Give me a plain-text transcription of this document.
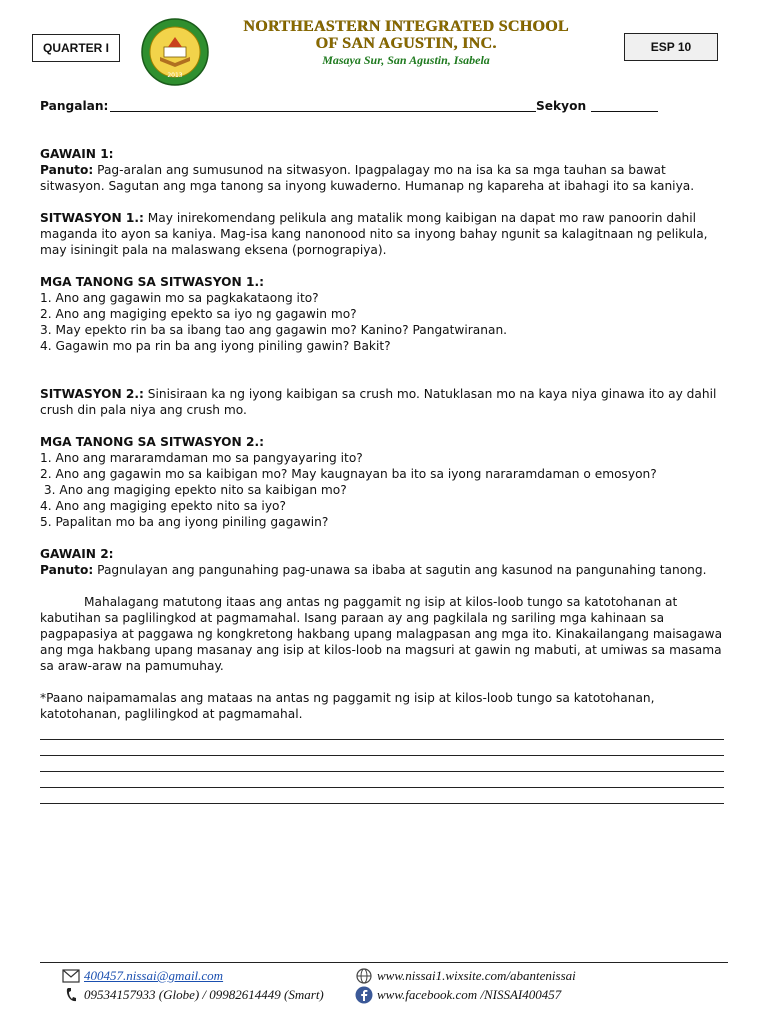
QUARTER I
2013
NORTHEASTERN INTEGRATED SCHOOL
OF SAN AGUSTIN, INC.
Masaya Sur, San Agustin, Isabela
ESP 10
Pangalan:	Sekyon

GAWAIN 1:

Panuto: Pag-aralan ang sumusunod na sitwasyon. Ipagpalagay mo na isa ka sa mga tauhan sa bawat sitwasyon. Sagutan ang mga tanong sa inyong kuwaderno. Humanap ng kapareha at ibahagi ito sa kaniya.

SITWASYON 1.: May inirekomendang pelikula ang matalik mong kaibigan na dapat mo raw panoorin dahil maganda ito ayon sa kaniya. Mag-isa kang nanonood nito sa inyong bahay ngunit sa kalagitnaan ng pelikula, may isiningit pala na malaswang eksena (pornograpiya).

MGA TANONG SA SITWASYON 1.:

1. Ano ang gagawin mo sa pagkakataong ito?

2. Ano ang magiging epekto sa iyo ng gagawin mo?

3. May epekto rin ba sa ibang tao ang gagawin mo? Kanino? Pangatwiranan.

4. Gagawin mo pa rin ba ang iyong piniling gawin? Bakit?

SITWASYON 2.: Sinisiraan ka ng iyong kaibigan sa crush mo. Natuklasan mo na kaya niya ginawa ito ay dahil crush din pala niya ang crush mo.

MGA TANONG SA SITWASYON 2.:

1. Ano ang mararamdaman mo sa pangyayaring ito?

2. Ano ang gagawin mo sa kaibigan mo? May kaugnayan ba ito sa iyong nararamdaman o emosyon?

3. Ano ang magiging epekto nito sa kaibigan mo?

4. Ano ang magiging epekto nito sa iyo?

5. Papalitan mo ba ang iyong piniling gagawin?

GAWAIN 2:

Panuto: Pagnulayan ang pangunahing pag-unawa sa ibaba at sagutin ang kasunod na pangunahing tanong.

Mahalagang matutong itaas ang antas ng paggamit ng isip at kilos-loob tungo sa katotohanan at kabutihan sa paglilingkod at pagmamahal. Isang paraan ay ang pagkilala ng sariling mga kahinaan sa pagpapasiya at paggawa ng kongkretong hakbang upang malagpasan ang mga ito. Kinakailangang maisagawa ang mga hakbang upang masanay ang isip at kilos-loob na magsuri at gawin ng mabuti, at umiwas sa masama sa araw-araw na pamumuhay.

*Paano naipamamalas ang mataas na antas ng paggamit ng isip at kilos-loob tungo sa katotohanan, katotohanan, paglilingkod at pagmamahal.

400457.nissai@gmail.com
09534157933 (Globe) / 09982614449 (Smart)
www.nissai1.wixsite.com/abantenissai
www.facebook.com /NISSAI400457
